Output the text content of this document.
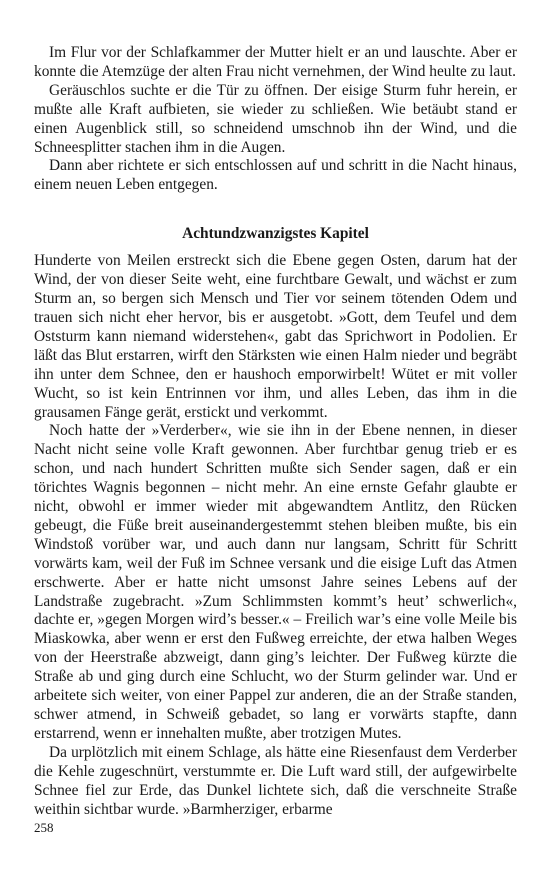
Im Flur vor der Schlafkammer der Mutter hielt er an und lauschte. Aber er konnte die Atemzüge der alten Frau nicht vernehmen, der Wind heulte zu laut.

Geräuschlos suchte er die Tür zu öffnen. Der eisige Sturm fuhr herein, er mußte alle Kraft aufbieten, sie wieder zu schließen. Wie betäubt stand er einen Augenblick still, so schneidend umschnob ihn der Wind, und die Schneesplitter stachen ihm in die Augen.

Dann aber richtete er sich entschlossen auf und schritt in die Nacht hinaus, einem neuen Leben entgegen.

Achtundzwanzigstes Kapitel

Hunderte von Meilen erstreckt sich die Ebene gegen Osten, darum hat der Wind, der von dieser Seite weht, eine furchtbare Gewalt, und wächst er zum Sturm an, so bergen sich Mensch und Tier vor seinem tötenden Odem und trauen sich nicht eher hervor, bis er ausgetobt. »Gott, dem Teufel und dem Oststurm kann niemand widerstehen«, gabt das Sprichwort in Podolien. Er läßt das Blut erstarren, wirft den Stärksten wie einen Halm nieder und begräbt ihn unter dem Schnee, den er haushoch emporwirbelt! Wütet er mit voller Wucht, so ist kein Entrinnen vor ihm, und alles Leben, das ihm in die grausamen Fänge gerät, erstickt und verkommt.

Noch hatte der »Verderber«, wie sie ihn in der Ebene nennen, in dieser Nacht nicht seine volle Kraft gewonnen. Aber furchtbar genug trieb er es schon, und nach hundert Schritten mußte sich Sender sagen, daß er ein törichtes Wagnis begonnen – nicht mehr. An eine ernste Gefahr glaubte er nicht, obwohl er immer wieder mit abgewandtem Antlitz, den Rücken gebeugt, die Füße breit auseinandergestemmt stehen bleiben mußte, bis ein Windstoß vorüber war, und auch dann nur langsam, Schritt für Schritt vorwärts kam, weil der Fuß im Schnee versank und die eisige Luft das Atmen erschwerte. Aber er hatte nicht umsonst Jahre seines Lebens auf der Landstraße zugebracht. »Zum Schlimmsten kommt’s heut’ schwerlich«, dachte er, »gegen Morgen wird’s besser.« – Freilich war’s eine volle Meile bis Miaskowka, aber wenn er erst den Fußweg erreichte, der etwa halben Weges von der Heerstraße abzweigt, dann ging’s leichter. Der Fußweg kürzte die Straße ab und ging durch eine Schlucht, wo der Sturm gelinder war. Und er arbeitete sich weiter, von einer Pappel zur anderen, die an der Straße standen, schwer atmend, in Schweiß gebadet, so lang er vorwärts stapfte, dann erstarrend, wenn er innehalten mußte, aber trotzigen Mutes.

Da urplötzlich mit einem Schlage, als hätte eine Riesenfaust dem Verderber die Kehle zugeschnürt, verstummte er. Die Luft ward still, der aufgewirbelte Schnee fiel zur Erde, das Dunkel lichtete sich, daß die verschneite Straße weithin sichtbar wurde. »Barmherziger, erbarme

258
